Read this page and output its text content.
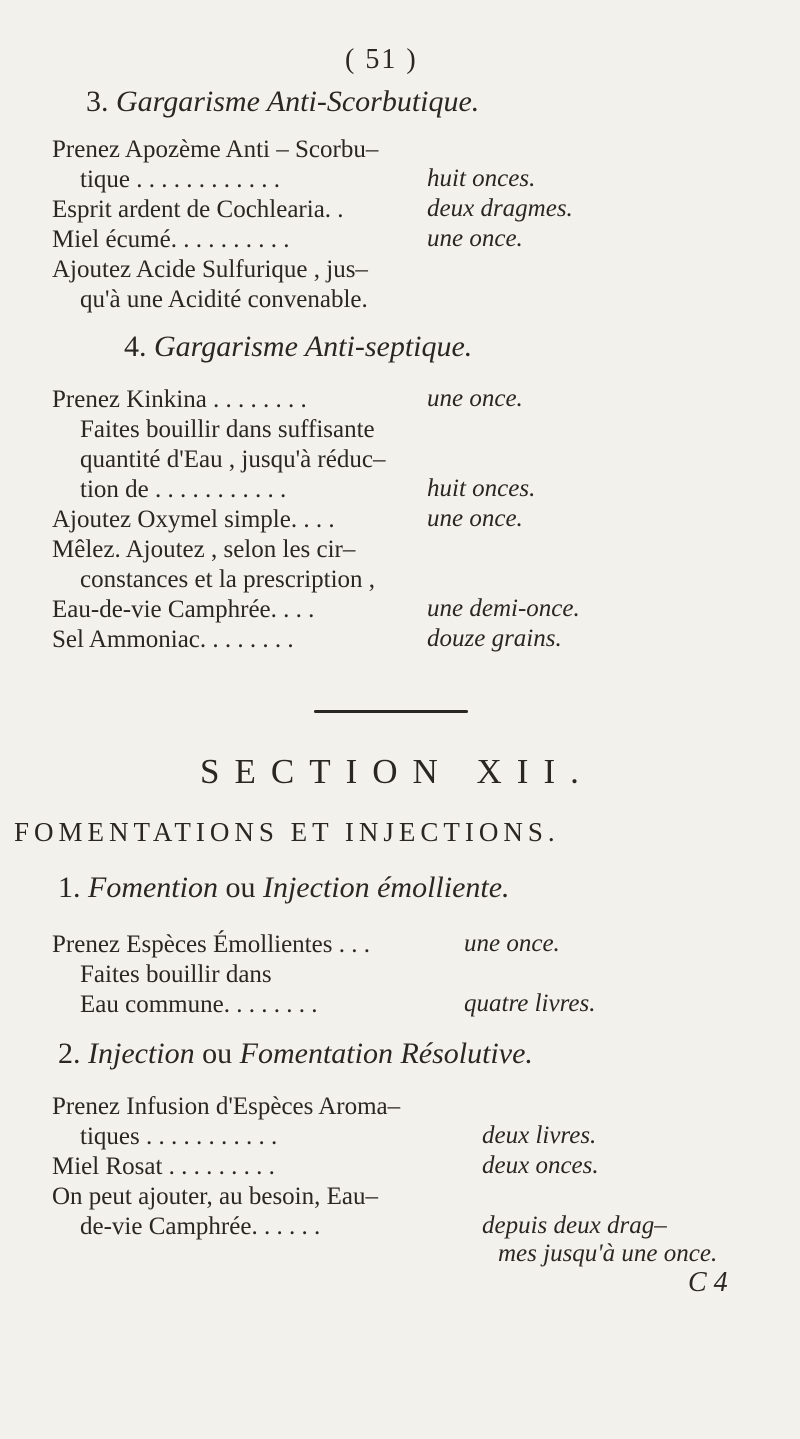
( 51 )
3. Gargarisme Anti-Scorbutique.
Prenez Apozème Anti – Scorbu–
tique . . . . . . . . . . . .	huit onces.
Esprit ardent de Cochlearia. .	deux dragmes.
Miel écumé. . . . . . . . . .	une once.
Ajoutez Acide Sulfurique , jus–
qu'à une Acidité convenable.
4. Gargarisme Anti-septique.
Prenez Kinkina . . . . . . . .	une once.
Faites bouillir dans suffisante
quantité d'Eau , jusqu'à réduc–
tion de . . . . . . . . . . .	huit onces.
Ajoutez Oxymel simple. . . .	une once.
Mêlez. Ajoutez , selon les cir–
constances et la prescription ,
Eau-de-vie Camphrée. . . .	une demi-once.
Sel Ammoniac. . . . . . . .	douze grains.
SECTION XII.
FOMENTATIONS ET INJECTIONS.
1. Fomention ou Injection émolliente.
Prenez Espèces Émollientes . . .	une once.
Faites bouillir dans
Eau commune. . . . . . . .	quatre livres.
2. Injection ou Fomentation Résolutive.
Prenez Infusion d'Espèces Aroma–
tiques . . . . . . . . . . .	deux livres.
Miel Rosat . . . . . . . . .	deux onces.
On peut ajouter, au besoin, Eau–
de-vie Camphrée. . . . . .	depuis deux drag–
mes jusqu'à une once.
C 4
